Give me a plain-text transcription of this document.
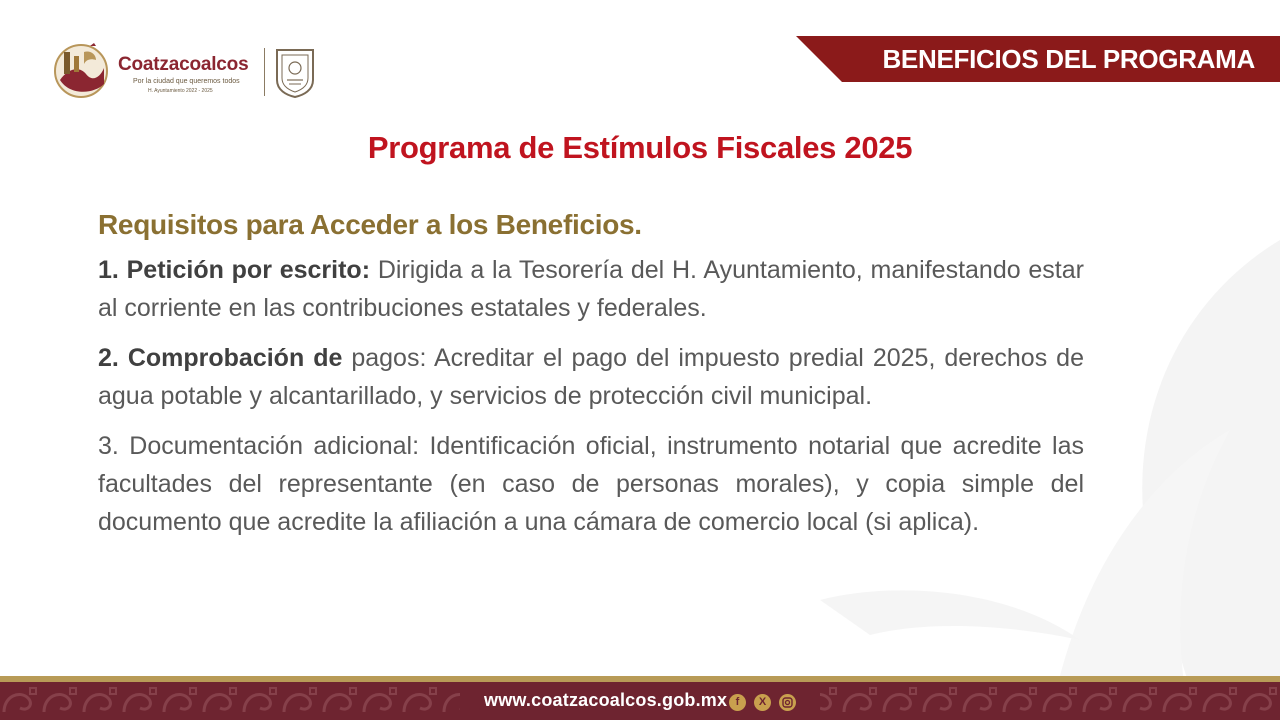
Coatzacoalcos
Por la ciudad que queremos todos
H. Ayuntamiento 2022 - 2025
BENEFICIOS DEL PROGRAMA
Programa de Estímulos Fiscales 2025
Requisitos para Acceder a los Beneficios.

1. Petición por escrito: Dirigida a la Tesorería del H. Ayuntamiento, manifestando estar al corriente en las contribuciones estatales y federales.

2. Comprobación de pagos: Acreditar el pago del impuesto predial 2025, derechos de agua potable y alcantarillado, y servicios de protección civil municipal.

3. Documentación adicional: Identificación oficial, instrumento notarial que acredite las facultades del representante (en caso de personas morales), y copia simple del documento que acredite la afiliación a una cámara de comercio local (si aplica).

www.coatzacoalcos.gob.mx f	X
